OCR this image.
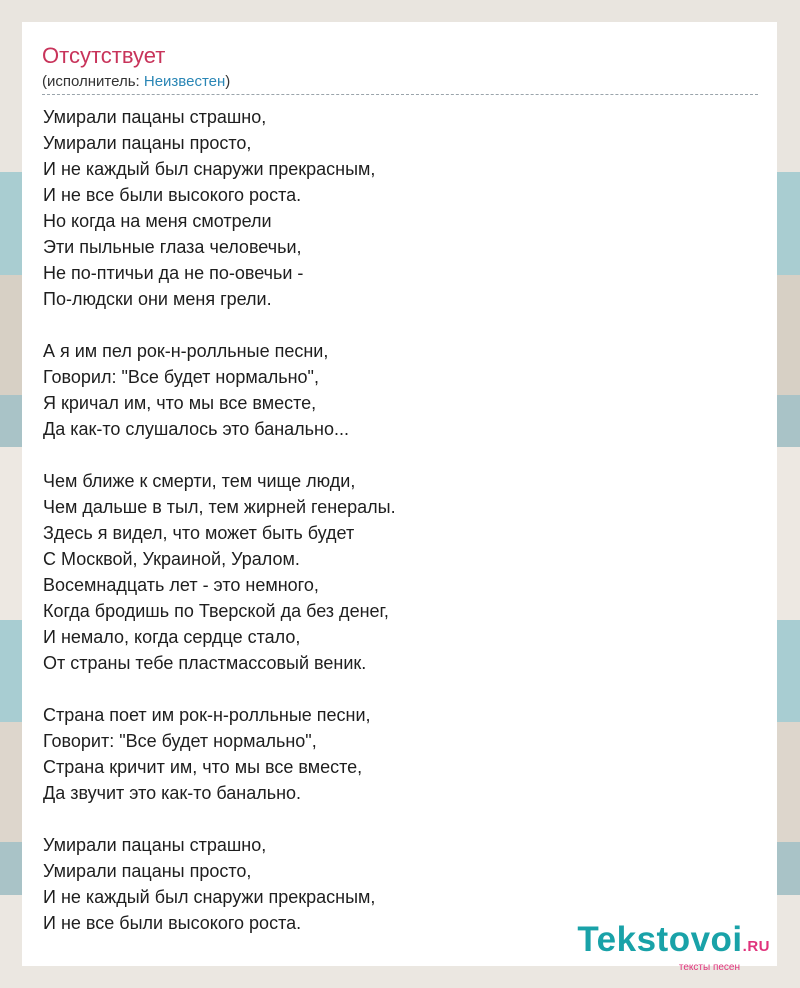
Отсутствует
(исполнитель: Неизвестен)
Умирали пацаны страшно,
Умирали пацаны просто,
И не каждый был снаружи прекрасным,
И не все были высокого роста.
Но когда на меня смотрели
Эти пыльные глаза человечьи,
Не по-птичьи да не по-овечьи -
По-людски они меня грели.
А я им пел рок-н-ролльные песни,
Говорил: "Все будет нормально",
Я кричал им, что мы все вместе,
Да как-то слушалось это банально...
Чем ближе к смерти, тем чище люди,
Чем дальше в тыл, тем жирней генералы.
Здесь я видел, что может быть будет
С Москвой, Украиной, Уралом.
Восемнадцать лет - это немного,
Когда бродишь по Тверской да без денег,
И немало, когда сердце стало,
От страны тебе пластмассовый веник.
Страна поет им рок-н-ролльные песни,
Говорит: "Все будет нормально",
Страна кричит им, что мы все вместе,
Да звучит это как-то банально.
Умирали пацаны страшно,
Умирали пацаны просто,
И не каждый был снаружи прекрасным,
И не все были высокого роста.	Tekstovoi.RU
тексты песен
